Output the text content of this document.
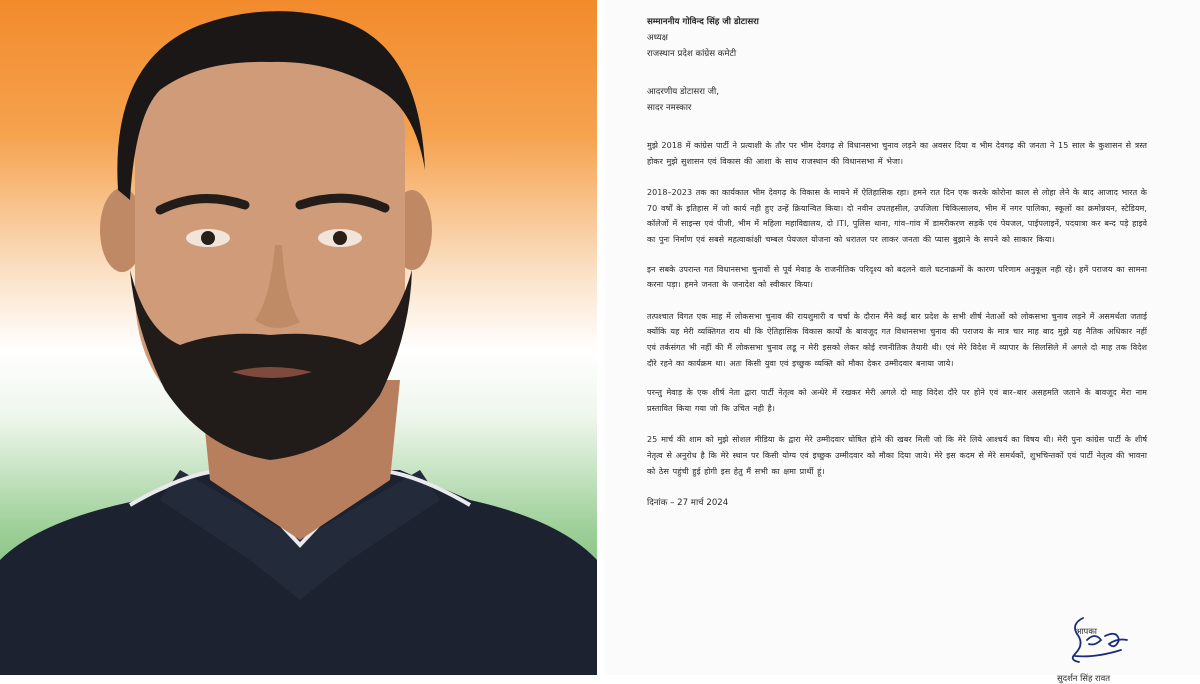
सम्माननीय गोविन्द सिंह जी डोटासरा
अध्यक्ष
राजस्थान प्रदेश कांग्रेस कमेटी
आदरणीय डोटासरा जी,
सादर नमस्कार

मुझे 2018 में कांग्रेस पार्टी ने प्रत्याशी के तौर पर भीम देवगढ़ से विधानसभा चुनाव लड़ने का अवसर दिया व भीम देवगढ़ की जनता ने 15 साल के कुशासन से त्रस्त होकर मुझे सुशासन एवं विकास की आशा के साथ राजस्थान की विधानसभा में भेजा।

2018–2023 तक का कार्यकाल भीम देवगढ़ के विकास के मायने में ऐतिहासिक रहा। हमने रात दिन एक करके कोरोना काल से लोहा लेने के बाद आजाद भारत के 70 वर्षों के इतिहास में जो कार्य नही हुए उन्हें क्रियान्वित किया। दो नवीन उपतहसील, उपजिला चिकित्सालय, भीम में नगर पालिका, स्कूलों का क्रमोन्नयन, स्टेडियम, कॉलेजों में साइन्स एवं पीजी, भीम में महिला महाविद्यालय, दो ITI, पुलिस थाना, गांव–गांव में डामरीकरण सड़कें एवं पेयजल, पाईपलाइनें, पदयात्रा कर बन्द पड़े हाइवे का पुनः निर्माण एवं सबसे महत्वाकांक्षी चम्बल पेयजल योजना को धरातल पर लाकर जनता की प्यास बुझाने के सपने को साकार किया।

इन सबके उपरान्त गत विधानसभा चुनावों से पूर्व मेवाड़ के राजनीतिक परिदृश्य को बदलने वाले घटनाक्रमों के कारण परिणाम अनुकूल नही रहे। हमें पराजय का सामना करना पड़ा। हमने जनता के जनादेश को स्वीकार किया।

तत्पश्चात विगत एक माह में लोकसभा चुनाव की रायशुमारी व चर्चा के दौरान मैंने कई बार प्रदेश के सभी शीर्ष नेताओं को लोकसभा चुनाव लड़ने में असमर्थता जताई क्योंकि यह मेरी व्यक्तिगत राय थी कि ऐतिहासिक विकास कार्यों के बावजूद गत विधानसभा चुनाव की पराजय के मात्र चार माह बाद मुझे यह नैतिक अधिकार नहीं एवं तर्कसंगत भी नहीं की मैं लोकसभा चुनाव लडू न मेरी इसको लेकर कोई रणनीतिक तैयारी थी। एवं मेरे विदेश में व्यापार के सिलसिले में अगले दो माह तक विदेश दौरे रहने का कार्यक्रम था। अतः किसी युवा एवं इच्छुक व्यक्ति को मौका देकर उम्मीदवार बनाया जाये।

परन्तु मेवाड़ के एक शीर्ष नेता द्वारा पार्टी नेतृत्व को अन्धेरे में रखकर मेरी अगले दो माह विदेश दौरे पर होने एवं बार–बार असहमति जताने के बावजूद मेरा नाम प्रस्तावित किया गया जो कि उचित नही है।

25 मार्च की शाम को मुझे सोशल मीडिया के द्वारा मेरे उम्मीदवार घोषित होने की खबर मिली जो कि मेरे लिये आश्चर्य का विषय थी। मेरी पुनः कांग्रेस पार्टी के शीर्ष नेतृत्व से अनुरोध है कि मेरे स्थान पर किसी योग्य एवं इच्छुक उम्मीदवार को मौका दिया जाये। मेरे इस कदम से मेरे समर्थकों, शुभचिन्तकों एवं पार्टी नेतृत्व की भावना को ठेस पहुंची हुई होगी इस हेतु मैं सभी का क्षमा प्रार्थी हूं।

दिनांक – 27 मार्च 2024
आपका
सुदर्शन सिंह रावत
